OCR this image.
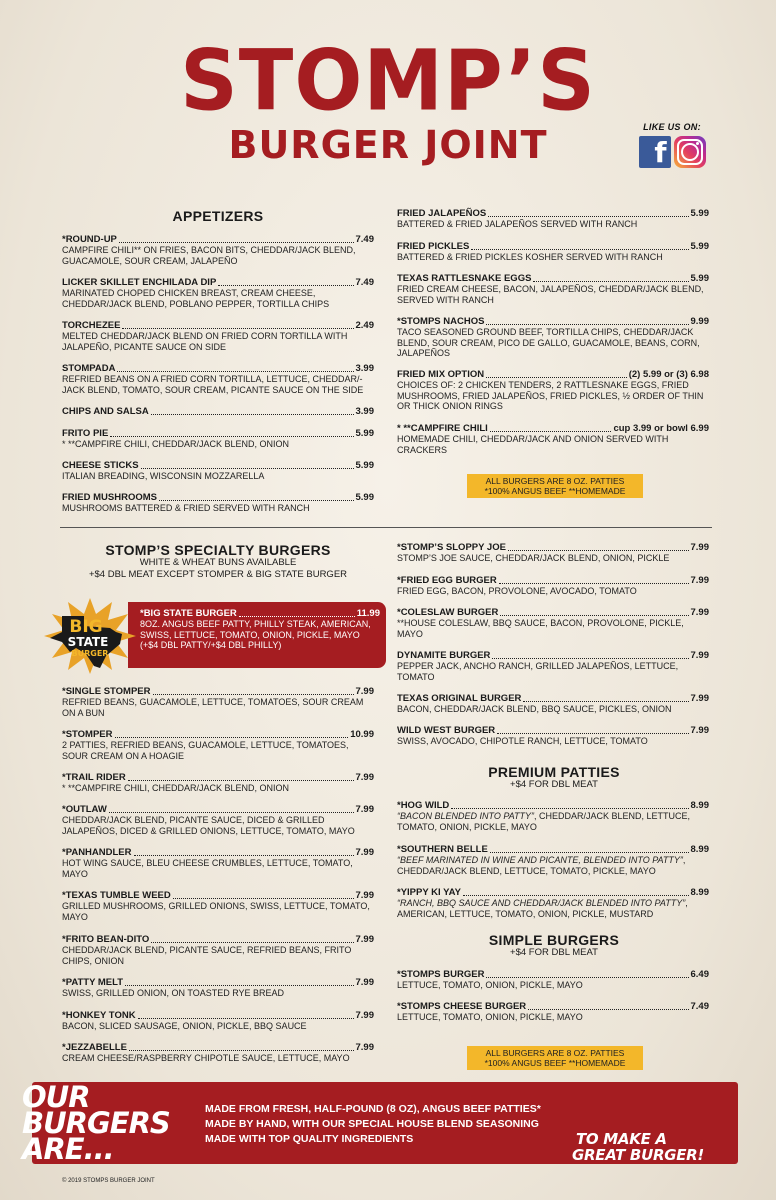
STOMP’S
BURGER JOINT	LIKE US ON:
f
APPETIZERS
*ROUND-UP	7.49
CAMPFIRE CHILI** ON FRIES, BACON BITS, CHEDDAR/JACK BLEND, GUACAMOLE, SOUR CREAM, JALAPEÑO
LICKER SKILLET ENCHILADA DIP	7.49
MARINATED CHOPED CHICKEN BREAST, CREAM CHEESE, CHEDDAR/JACK BLEND, POBLANO PEPPER, TORTILLA CHIPS
TORCHEZEE	2.49
MELTED CHEDDAR/JACK BLEND ON FRIED CORN TORTILLA WITH JALAPEÑO, PICANTE SAUCE ON SIDE
STOMPADA	3.99
REFRIED BEANS ON A FRIED CORN TORTILLA, LETTUCE, CHEDDAR/-JACK BLEND, TOMATO, SOUR CREAM, PICANTE SAUCE ON THE SIDE
CHIPS AND SALSA	3.99
FRITO PIE	5.99
* **CAMPFIRE CHILI, CHEDDAR/JACK BLEND, ONION
CHEESE STICKS	5.99
ITALIAN BREADING, WISCONSIN MOZZARELLA
FRIED MUSHROOMS	5.99
MUSHROOMS BATTERED & FRIED SERVED WITH RANCH
FRIED JALAPEÑOS	5.99
BATTERED & FRIED JALAPEÑOS SERVED WITH RANCH
FRIED PICKLES	5.99
BATTERED & FRIED PICKLES KOSHER SERVED WITH RANCH
TEXAS RATTLESNAKE EGGS	5.99
FRIED CREAM CHEESE, BACON, JALAPEÑOS, CHEDDAR/JACK BLEND, SERVED WITH RANCH
*STOMPS NACHOS	9.99
TACO SEASONED GROUND BEEF, TORTILLA CHIPS, CHEDDAR/JACK BLEND, SOUR CREAM, PICO DE GALLO, GUACAMOLE, BEANS, CORN, JALAPEÑOS
FRIED MIX OPTION	(2) 5.99 or (3) 6.98
CHOICES OF: 2 CHICKEN TENDERS, 2 RATTLESNAKE EGGS, FRIED MUSHROOMS, FRIED JALAPEÑOS, FRIED PICKLES, ½ ORDER OF THIN OR THICK ONION RINGS
* **CAMPFIRE CHILI	cup 3.99 or bowl 6.99
HOMEMADE CHILI, CHEDDAR/JACK AND ONION SERVED WITH CRACKERS
ALL BURGERS ARE 8 OZ. PATTIES
*100% ANGUS BEEF **HOMEMADE
STOMP’S SPECIALTY BURGERS
WHITE & WHEAT BUNS AVAILABLE
+$4 DBL MEAT EXCEPT STOMPER & BIG STATE BURGER
BIG
STATE
BURGER
*BIG STATE BURGER	11.99
8OZ. ANGUS BEEF PATTY, PHILLY STEAK, AMERICAN, SWISS, LETTUCE, TOMATO, ONION, PICKLE, MAYO
(+$4 DBL PATTY/+$4 DBL PHILLY)
*SINGLE STOMPER	7.99
REFRIED BEANS, GUACAMOLE, LETTUCE, TOMATOES, SOUR CREAM ON A BUN
*STOMPER	10.99
2 PATTIES, REFRIED BEANS, GUACAMOLE, LETTUCE, TOMATOES, SOUR CREAM ON A HOAGIE
*TRAIL RIDER	7.99
* **CAMPFIRE CHILI, CHEDDAR/JACK BLEND, ONION
*OUTLAW	7.99
CHEDDAR/JACK BLEND, PICANTE SAUCE, DICED & GRILLED JALAPEÑOS, DICED & GRILLED ONIONS, LETTUCE, TOMATO, MAYO
*PANHANDLER	7.99
HOT WING SAUCE, BLEU CHEESE CRUMBLES, LETTUCE, TOMATO, MAYO
*TEXAS TUMBLE WEED	7.99
GRILLED MUSHROOMS, GRILLED ONIONS, SWISS, LETTUCE, TOMATO, MAYO
*FRITO BEAN-DITO	7.99
CHEDDAR/JACK BLEND, PICANTE SAUCE, REFRIED BEANS, FRITO CHIPS, ONION
*PATTY MELT	7.99
SWISS, GRILLED ONION, ON TOASTED RYE BREAD
*HONKEY TONK	7.99
BACON, SLICED SAUSAGE, ONION, PICKLE, BBQ SAUCE
*JEZZABELLE	7.99
CREAM CHEESE/RASPBERRY CHIPOTLE SAUCE, LETTUCE, MAYO
*STOMP’S SLOPPY JOE	7.99
STOMP’S JOE SAUCE, CHEDDAR/JACK BLEND, ONION, PICKLE
*FRIED EGG BURGER	7.99
FRIED EGG, BACON, PROVOLONE, AVOCADO, TOMATO
*COLESLAW BURGER	7.99
**HOUSE COLESLAW, BBQ SAUCE, BACON, PROVOLONE, PICKLE, MAYO
DYNAMITE BURGER	7.99
PEPPER JACK, ANCHO RANCH, GRILLED JALAPEÑOS, LETTUCE, TOMATO
TEXAS ORIGINAL BURGER	7.99
BACON, CHEDDAR/JACK BLEND, BBQ SAUCE, PICKLES, ONION
WILD WEST BURGER	7.99
SWISS, AVOCADO, CHIPOTLE RANCH, LETTUCE, TOMATO
PREMIUM PATTIES
+$4 FOR DBL MEAT
*HOG WILD	8.99
“BACON BLENDED INTO PATTY”, CHEDDAR/JACK BLEND, LETTUCE, TOMATO, ONION, PICKLE, MAYO
*SOUTHERN BELLE	8.99
“BEEF MARINATED IN WINE AND PICANTE, BLENDED INTO PATTY”, CHEDDAR/JACK BLEND, LETTUCE, TOMATO, PICKLE, MAYO
*YIPPY KI YAY	8.99
“RANCH, BBQ SAUCE AND CHEDDAR/JACK BLENDED INTO PATTY”, AMERICAN, LETTUCE, TOMATO, ONION, PICKLE, MUSTARD
SIMPLE BURGERS
+$4 FOR DBL MEAT
*STOMPS BURGER	6.49
LETTUCE, TOMATO, ONION, PICKLE, MAYO
*STOMPS CHEESE BURGER	7.49
LETTUCE, TOMATO, ONION, PICKLE, MAYO
ALL BURGERS ARE 8 OZ. PATTIES
*100% ANGUS BEEF **HOMEMADE
OUR
BURGERS
ARE...
MADE FROM FRESH, HALF-POUND (8 OZ), ANGUS BEEF PATTIES*
MADE BY HAND, WITH OUR SPECIAL HOUSE BLEND SEASONING
MADE WITH TOP QUALITY INGREDIENTS	TO MAKE A
GREAT BURGER!
© 2019 STOMPS BURGER JOINT
